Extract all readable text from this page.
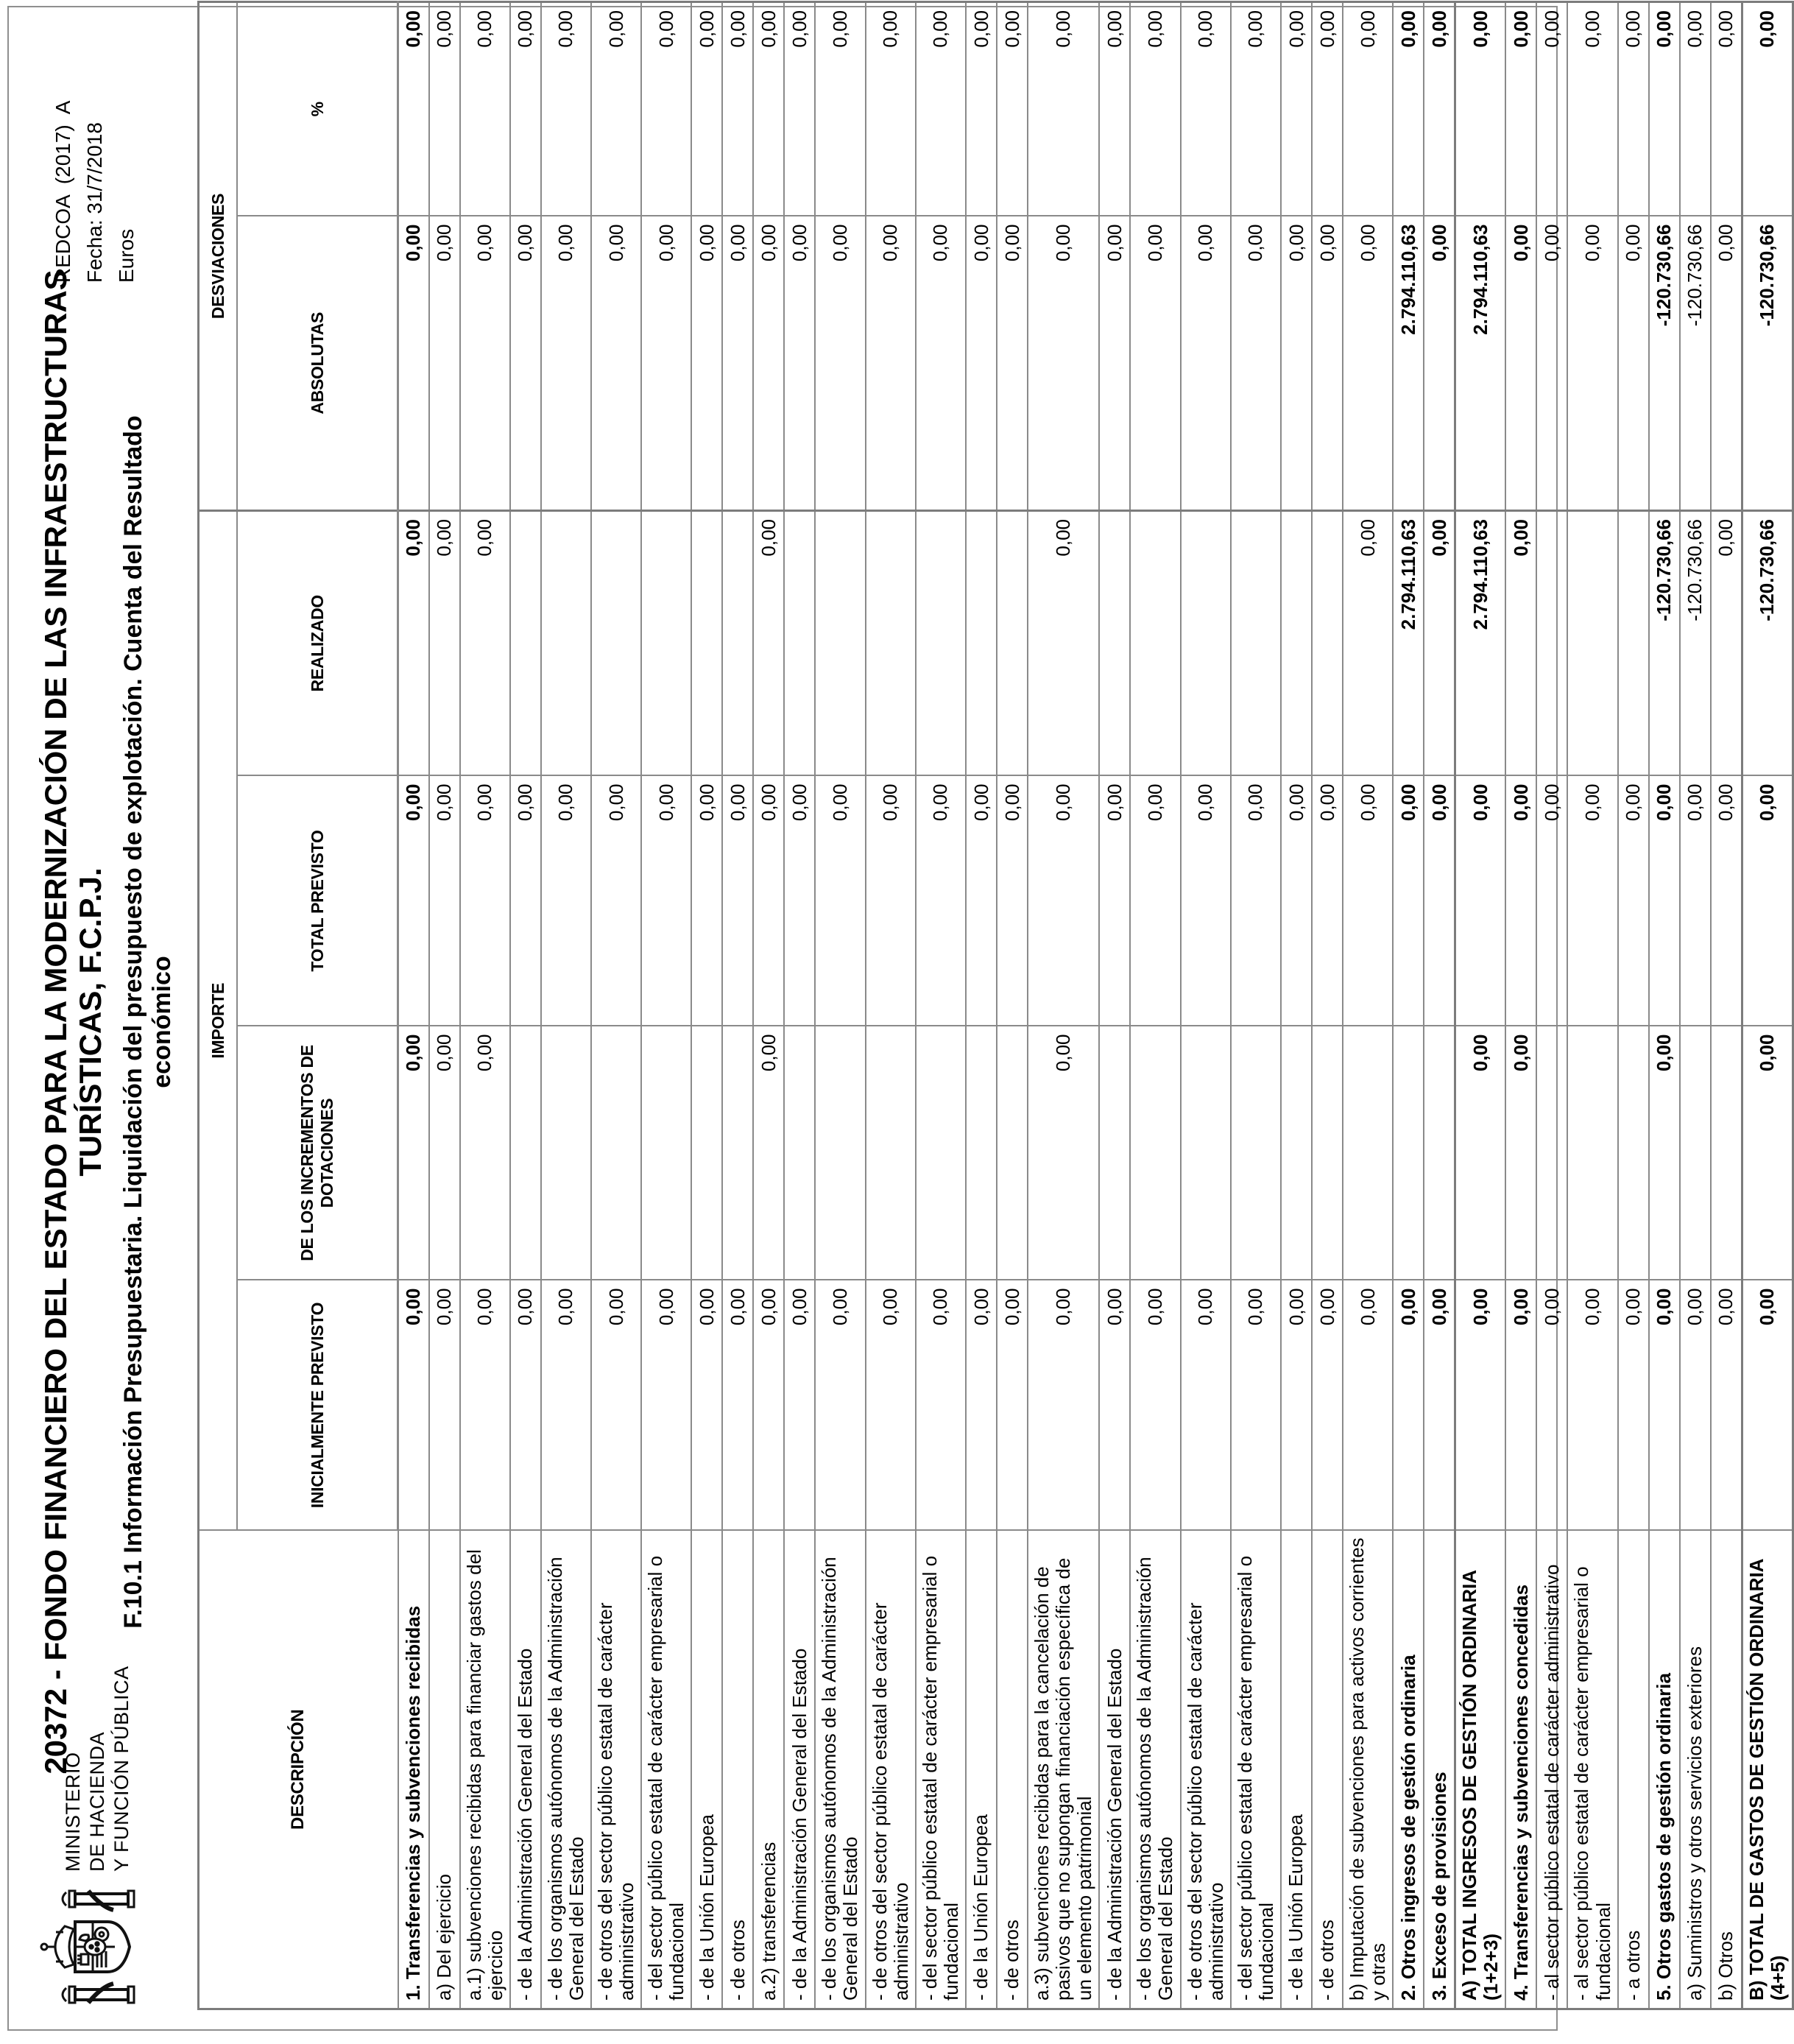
MINISTERIO DE HACIENDA Y FUNCIÓN PÚBLICA
20372 - FONDO FINANCIERO DEL ESTADO PARA LA MODERNIZACIÓN DE LAS INFRAESTRUCTURAS TURÍSTICAS, F.C.P.J. F.10.1 Información Presupuestaria. Liquidación del presupuesto de explotación. Cuenta del Resultado económico
REDCOA  (2017)  A Fecha: 31/7/2018 Euros
DESCRIPCIÓN	IMPORTE				DESVIACIONES	
	INICIALMENTE PREVISTO	DE LOS INCREMENTOS DE DOTACIONES	TOTAL PREVISTO	REALIZADO	ABSOLUTAS	%
1. Transferencias y subvenciones recibidas	0,00	0,00	0,00	0,00	0,00	0,00
a) Del ejercicio	0,00	0,00	0,00	0,00	0,00	0,00
a.1) subvenciones recibidas para financiar gastos del ejercicio	0,00	0,00	0,00	0,00	0,00	0,00
- de la Administración General del Estado	0,00		0,00		0,00	0,00
- de los organismos autónomos de la Administración General del Estado	0,00		0,00		0,00	0,00
- de otros del sector público estatal de carácter administrativo	0,00		0,00		0,00	0,00
- del sector público estatal de carácter empresarial o fundacional	0,00		0,00		0,00	0,00
- de la Unión Europea	0,00		0,00		0,00	0,00
- de otros	0,00		0,00		0,00	0,00
a.2) transferencias	0,00	0,00	0,00	0,00	0,00	0,00
- de la Administración General del Estado	0,00		0,00		0,00	0,00
- de los organismos autónomos de la Administración General del Estado	0,00		0,00		0,00	0,00
- de otros del sector público estatal de carácter administrativo	0,00		0,00		0,00	0,00
- del sector público estatal de carácter empresarial o fundacional	0,00		0,00		0,00	0,00
- de la Unión Europea	0,00		0,00		0,00	0,00
- de otros	0,00		0,00		0,00	0,00
a.3) subvenciones recibidas para la cancelación de pasivos que no supongan financiación específica de un elemento patrimonial	0,00	0,00	0,00	0,00	0,00	0,00
- de la Administración General del Estado	0,00		0,00		0,00	0,00
- de los organismos autónomos de la Administración General del Estado	0,00		0,00		0,00	0,00
- de otros del sector público estatal de carácter administrativo	0,00		0,00		0,00	0,00
- del sector público estatal de carácter empresarial o fundacional	0,00		0,00		0,00	0,00
- de la Unión Europea	0,00		0,00		0,00	0,00
- de otros	0,00		0,00		0,00	0,00
b) Imputación de subvenciones para activos corrientes y otras	0,00		0,00	0,00	0,00	0,00
2. Otros ingresos de gestión ordinaria	0,00		0,00	2.794.110,63	2.794.110,63	0,00
3. Exceso de provisiones	0,00		0,00	0,00	0,00	0,00
A) TOTAL INGRESOS DE GESTIÓN ORDINARIA (1+2+3)	0,00	0,00	0,00	2.794.110,63	2.794.110,63	0,00
4. Transferencias y subvenciones concedidas	0,00	0,00	0,00	0,00	0,00	0,00
- al sector público estatal de carácter administrativo	0,00		0,00		0,00	0,00
- al sector público estatal de carácter empresarial o fundacional	0,00		0,00		0,00	0,00
- a otros	0,00		0,00		0,00	0,00
5. Otros gastos de gestión ordinaria	0,00	0,00	0,00	-120.730,66	-120.730,66	0,00
a) Suministros y otros servicios exteriores	0,00		0,00	-120.730,66	-120.730,66	0,00
b) Otros	0,00		0,00	0,00	0,00	0,00
B) TOTAL DE GASTOS DE GESTIÓN ORDINARIA (4+5)	0,00	0,00	0,00	-120.730,66	-120.730,66	0,00
